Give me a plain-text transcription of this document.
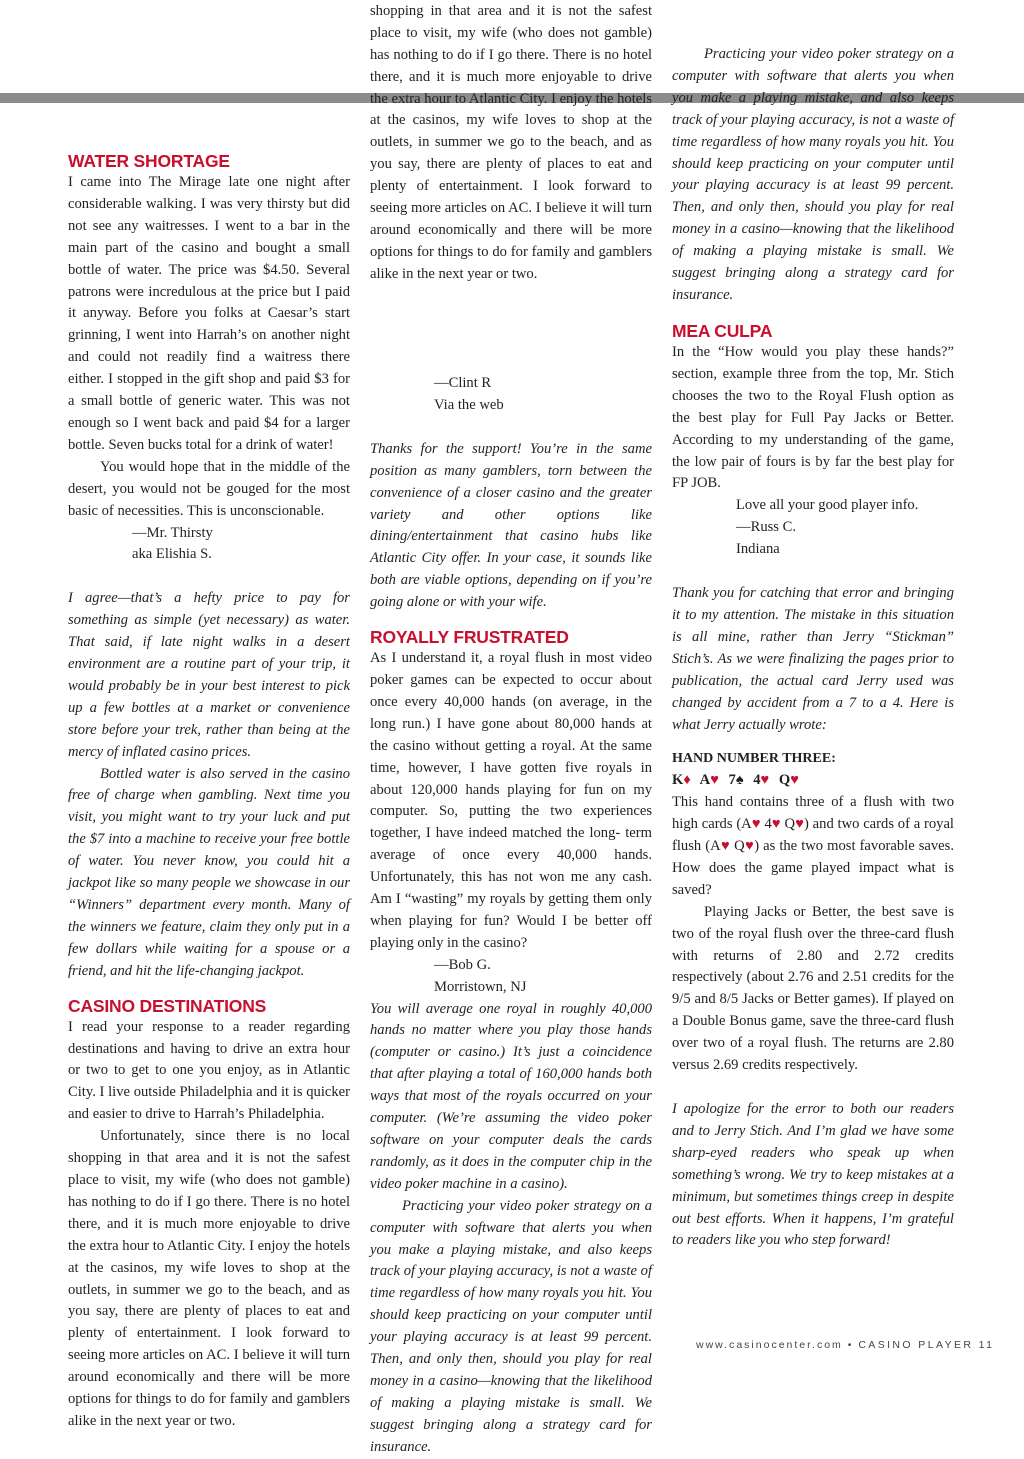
WATER SHORTAGE

I came into The Mirage late one night after considerable walking. I was very thirsty but did not see any waitresses. I went to a bar in the main part of the casino and bought a small bottle of water. The price was $4.50. Several patrons were incredulous at the price but I paid it anyway. Before you folks at Caesar’s start grinning, I went into Harrah’s on another night and could not readily find a waitress there either. I stopped in the gift shop and paid $3 for a small bottle of generic water. This was not enough so I went back and paid $4 for a larger bottle. Seven bucks total for a drink of water!

You would hope that in the middle of the desert, you would not be gouged for the most basic of necessities. This is unconscionable.

—Mr. Thirsty
aka Elishia S.

I agree—that’s a hefty price to pay for something as simple (yet necessary) as water. That said, if late night walks in a desert environment are a routine part of your trip, it would probably be in your best interest to pick up a few bottles at a market or convenience store before your trek, rather than being at the mercy of inflated casino prices.

Bottled water is also served in the casino free of charge when gambling. Next time you visit, you might want to try your luck and put the $7 into a machine to receive your free bottle of water. You never know, you could hit a jackpot like so many people we showcase in our “Winners” department every month. Many of the winners we feature, claim they only put in a few dollars while waiting for a spouse or a friend, and hit the life-changing jackpot.

CASINO DESTINATIONS

I read your response to a reader regarding destinations and having to drive an extra hour or two to get to one you enjoy, as in Atlantic City. I live outside Philadelphia and it is quicker and easier to drive to Harrah’s Philadelphia.

Unfortunately, since there is no local shopping in that area and it is not the safest place to visit, my wife (who does not gamble) has nothing to do if I go there. There is no hotel there, and it is much more enjoyable to drive the extra hour to Atlantic City. I enjoy the hotels at the casinos, my wife loves to shop at the outlets, in summer we go to the beach, and as you say, there are plenty of places to eat and plenty of entertainment. I look forward to seeing more articles on AC. I believe it will turn around economically and there will be more options for things to do for family and gamblers alike in the next year or two.

shopping in that area and it is not the safest place to visit, my wife (who does not gamble) has nothing to do if I go there. There is no hotel there, and it is much more enjoyable to drive the extra hour to Atlantic City. I enjoy the hotels at the casinos, my wife loves to shop at the outlets, in summer we go to the beach, and as you say, there are plenty of places to eat and plenty of entertainment. I look forward to seeing more articles on AC. I believe it will turn around economically and there will be more options for things to do for family and gamblers alike in the next year or two.

—Clint R
Via the web

Thanks for the support! You’re in the same position as many gamblers, torn between the convenience of a closer casino and the greater variety and other options like dining/entertainment that casino hubs like Atlantic City offer. In your case, it sounds like both are viable options, depending on if you’re going alone or with your wife.

ROYALLY FRUSTRATED

As I understand it, a royal flush in most video poker games can be expected to occur about once every 40,000 hands (on average, in the long run.) I have gone about 80,000 hands at the casino without getting a royal. At the same time, however, I have gotten five royals in about 120,000 hands playing for fun on my computer. So, putting the two experiences together, I have indeed matched the long- term average of once every 40,000 hands. Unfortunately, this has not won me any cash. Am I “wasting” my royals by getting them only when playing for fun? Would I be better off playing only in the casino?

—Bob G.
Morristown, NJ

You will average one royal in roughly 40,000 hands no matter where you play those hands (computer or casino.) It’s just a coincidence that after playing a total of 160,000 hands both ways that most of the royals occurred on your computer. (We’re assuming the video poker software on your computer deals the cards randomly, as it does in the computer chip in the video poker machine in a casino).

Practicing your video poker strategy on a computer with software that alerts you when you make a playing mistake, and also keeps track of your playing accuracy, is not a waste of time regardless of how many royals you hit. You should keep practicing on your computer until your playing accuracy is at least 99 percent. Then, and only then, should you play for real money in a casino—knowing that the likelihood of making a playing mistake is small. We suggest bringing along a strategy card for insurance.

Practicing your video poker strategy on a computer with software that alerts you when you make a playing mistake, and also keeps track of your playing accuracy, is not a waste of time regardless of how many royals you hit. You should keep practicing on your computer until your playing accuracy is at least 99 percent. Then, and only then, should you play for real money in a casino—knowing that the likelihood of making a playing mistake is small. We suggest bringing along a strategy card for insurance.

MEA CULPA

In the “How would you play these hands?” section, example three from the top, Mr. Stich chooses the two to the Royal Flush option as the best play for Full Pay Jacks or Better. According to my understanding of the game, the low pair of fours is by far the best play for FP JOB.

Love all your good player info.
—Russ C.
Indiana

Thank you for catching that error and bringing it to my attention. The mistake in this situation is all mine, rather than Jerry “Stickman” Stich’s. As we were finalizing the pages prior to publication, the actual card Jerry used was changed by accident from a 7 to a 4. Here is what Jerry actually wrote:

HAND NUMBER THREE:
K♦ A♥ 7♠ 4♥ Q♥

This hand contains three of a flush with two high cards (A♥ 4♥ Q♥) and two cards of a royal flush (A♥ Q♥) as the two most favorable saves. How does the game played impact what is saved?

Playing Jacks or Better, the best save is two of the royal flush over the three-card flush with returns of 2.80 and 2.72 credits respectively (about 2.76 and 2.51 credits for the 9/5 and 8/5 Jacks or Better games). If played on a Double Bonus game, save the three-card flush over two of a royal flush. The returns are 2.80 versus 2.69 credits respectively.

I apologize for the error to both our readers and to Jerry Stich. And I’m glad we have some sharp-eyed readers who speak up when something’s wrong. We try to keep mistakes at a minimum, but sometimes things creep in despite out best efforts. When it happens, I’m grateful to readers like you who step forward!

www.casinocenter.com • CASINO PLAYER 11
